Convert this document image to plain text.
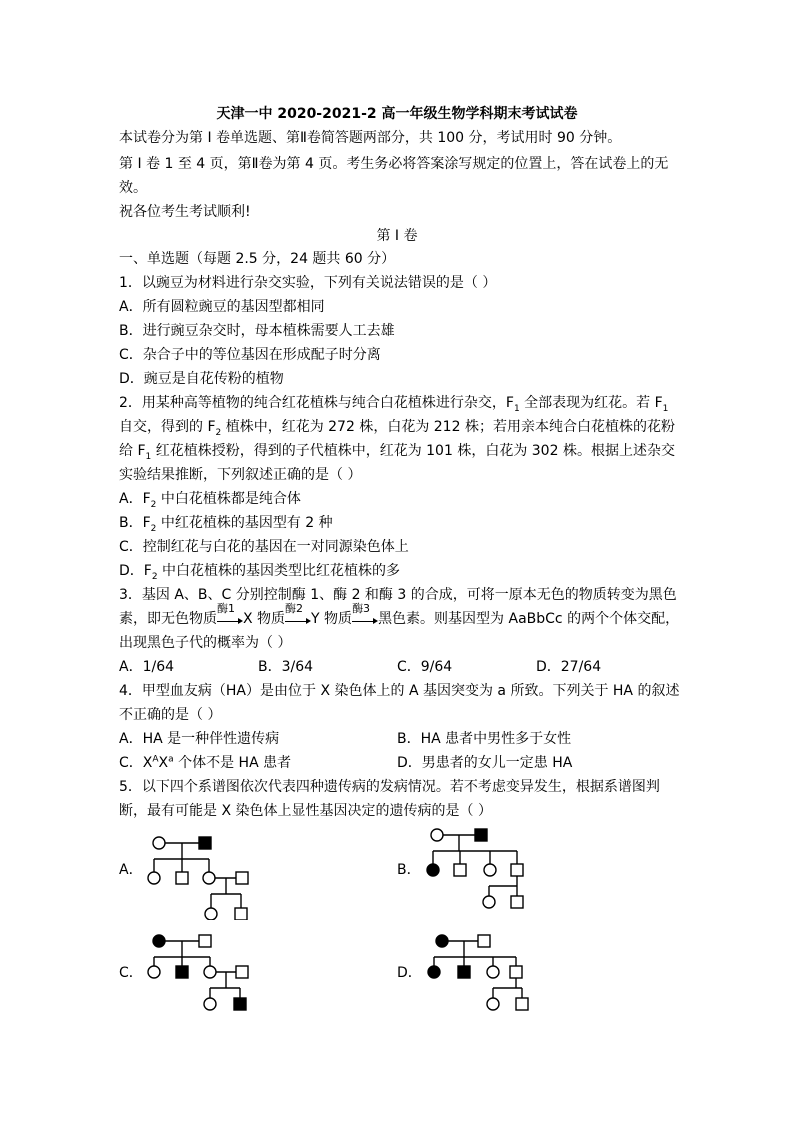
天津一中 2020-2021-2 高一年级生物学科期末考试试卷
本试卷分为第 I 卷单选题、第Ⅱ卷简答题两部分，共 100 分，考试用时 90 分钟。
第 I 卷 1 至 4 页，第Ⅱ卷为第 4 页。考生务必将答案涂写规定的位置上，答在试卷上的无
效。
祝各位考生考试顺利!
第 I 卷
一、单选题（每题 2.5 分，24 题共 60 分）
1．以豌豆为材料进行杂交实验，下列有关说法错误的是（ ）
A．所有圆粒豌豆的基因型都相同
B．进行豌豆杂交时，母本植株需要人工去雄
C．杂合子中的等位基因在形成配子时分离
D．豌豆是自花传粉的植物
2．用某种高等植物的纯合红花植株与纯合白花植株进行杂交，$F_1$ 全部表现为红花。若 $F_1$
自交，得到的 $F_2$ 植株中，红花为 272 株，白花为 212 株；若用亲本纯合白花植株的花粉
给 $F_1$ 红花植株授粉，得到的子代植株中，红花为 101 株，白花为 302 株。根据上述杂交
实验结果推断，下列叙述正确的是（ ）
A．$F_2$ 中白花植株都是纯合体
B．$F_2$ 中红花植株的基因型有 2 种
C．控制红花与白花的基因在一对同源染色体上
D．$F_2$ 中白花植株的基因类型比红花植株的多
3．基因 A、B、C 分别控制酶 1、酶 2 和酶 3 的合成，可将一原本无色的物质转变为黑色
素，即无色物质
酶1
X 物质
酶2
Y 物质
酶3
黑色素。则基因型为 AaBbCc 的两个个体交配，
出现黑色子代的概率为（ ）
A．1/64	B．3/64	C．9/64	D．27/64
4．甲型血友病（HA）是由位于 X 染色体上的 A 基因突变为 a 所致。下列关于 HA 的叙述
不正确的是（ ）
A．HA 是一种伴性遗传病	B．HA 患者中男性多于女性
C．$X^AX^a$ 个体不是 HA 患者	D．男患者的女儿一定患 HA
5．以下四个系谱图依次代表四种遗传病的发病情况。若不考虑变异发生，根据系谱图判
断，最有可能是 X 染色体上显性基因决定的遗传病的是（ ）
A．	B．
C．	D．
